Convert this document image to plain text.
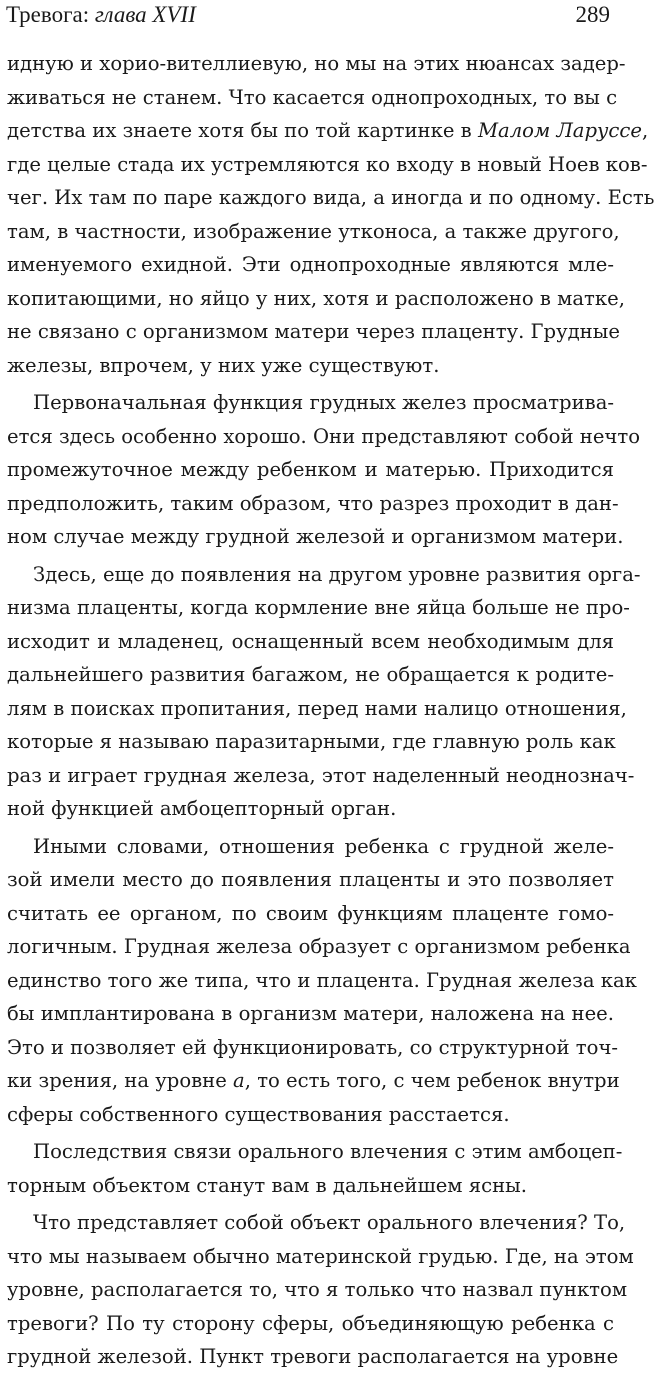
Тревога: глава XVII	289
идную и хорио-вителлиевую, но мы на этих нюансах задер-
живаться не станем. Что касается однопроходных, то вы с
детства их знаете хотя бы по той картинке в Малом Ларуссе,
где целые стада их устремляются ко входу в новый Ноев ков-
чег. Их там по паре каждого вида, а иногда и по одному. Есть
там, в частности, изображение утконоса, а также другого,
именуемого ехидной. Эти однопроходные являются мле-
копитающими, но яйцо у них, хотя и расположено в матке,
не связано с организмом матери через плаценту. Грудные
железы, впрочем, у них уже существуют.
Первоначальная функция грудных желез просматрива-
ется здесь особенно хорошо. Они представляют собой нечто
промежуточное между ребенком и матерью. Приходится
предположить, таким образом, что разрез проходит в дан-
ном случае между грудной железой и организмом матери.
Здесь, еще до появления на другом уровне развития орга-
низма плаценты, когда кормление вне яйца больше не про-
исходит и младенец, оснащенный всем необходимым для
дальнейшего развития багажом, не обращается к родите-
лям в поисках пропитания, перед нами налицо отношения,
которые я называю паразитарными, где главную роль как
раз и играет грудная железа, этот наделенный неоднознач-
ной функцией амбоцепторный орган.
Иными словами, отношения ребенка с грудной желе-
зой имели место до появления плаценты и это позволяет
считать ее органом, по своим функциям плаценте гомо-
логичным. Грудная железа образует с организмом ребенка
единство того же типа, что и плацента. Грудная железа как
бы имплантирована в организм матери, наложена на нее.
Это и позволяет ей функционировать, со структурной точ-
ки зрения, на уровне а, то есть того, с чем ребенок внутри
сферы собственного существования расстается.
Последствия связи орального влечения с этим амбоцеп-
торным объектом станут вам в дальнейшем ясны.
Что представляет собой объект орального влечения? То,
что мы называем обычно материнской грудью. Где, на этом
уровне, располагается то, что я только что назвал пунктом
тревоги? По ту сторону сферы, объединяющую ребенка с
грудной железой. Пункт тревоги располагается на уровне
